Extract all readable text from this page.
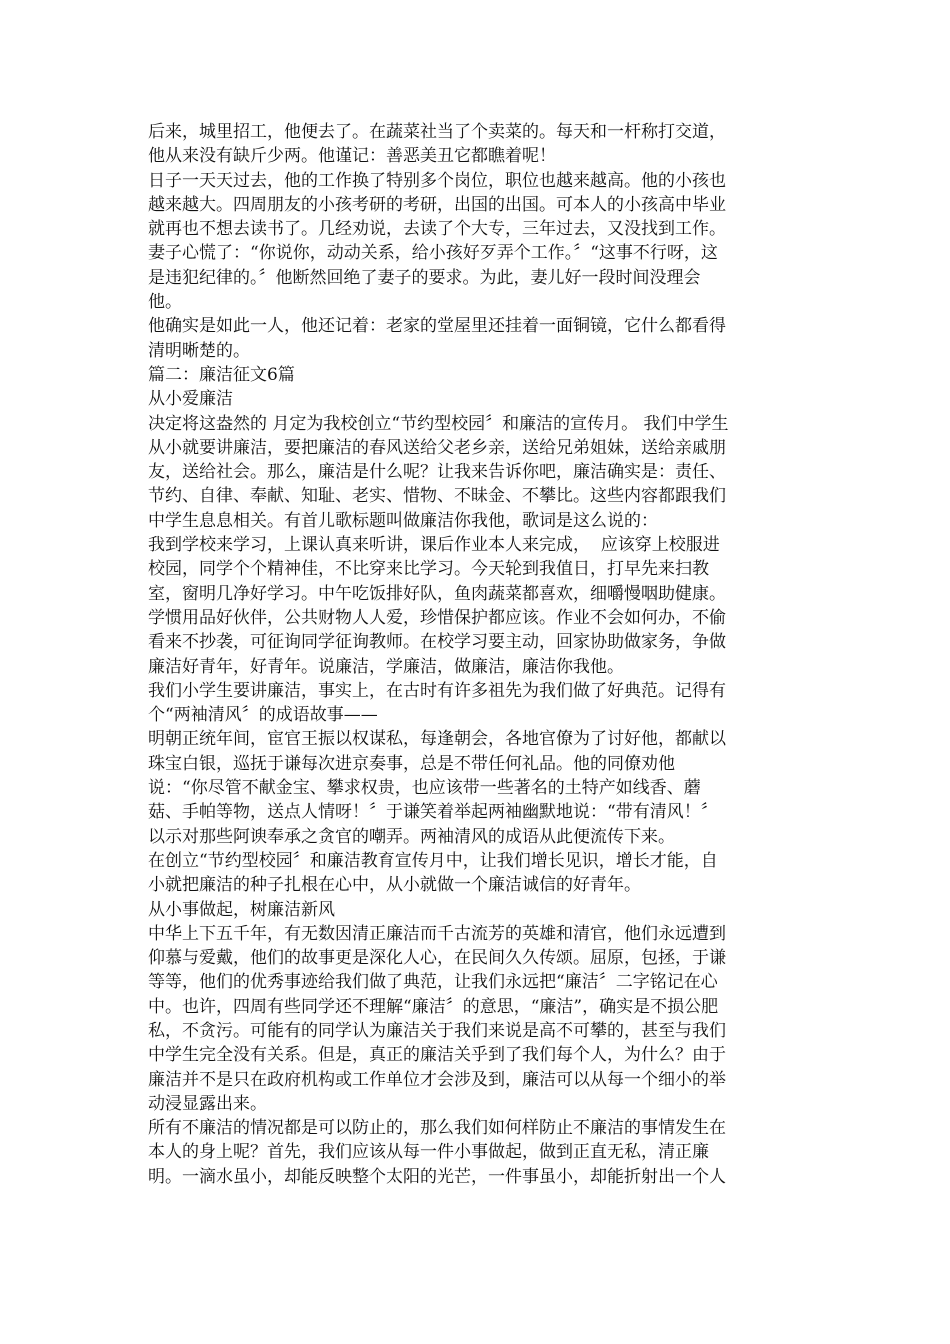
后来，城里招工，他便去了。在蔬菜社当了个卖菜的。每天和一杆称打交道，
他从来没有缺斤少两。他谨记：善恶美丑它都瞧着呢！
日子一天天过去，他的工作换了特别多个岗位，职位也越来越高。他的小孩也
越来越大。四周朋友的小孩考研的考研，出国的出国。可本人的小孩高中毕业
就再也不想去读书了。几经劝说，去读了个大专，三年过去，又没找到工作。
妻子心慌了：“你说你，动动关系，给小孩好歹弄个工作。〞“这事不行呀，这
是违犯纪律的。〞他断然回绝了妻子的要求。为此，妻儿好一段时间没理会
他。
他确实是如此一人，他还记着：老家的堂屋里还挂着一面铜镜，它什么都看得
清明晰楚的。
篇二：廉洁征文6篇
从小爱廉洁
决定将这盎然的 月定为我校创立“节约型校园〞和廉洁的宣传月。 我们中学生
从小就要讲廉洁，要把廉洁的春风送给父老乡亲，送给兄弟姐妹，送给亲戚朋
友，送给社会。那么，廉洁是什么呢？让我来告诉你吧，廉洁确实是：责任、
节约、自律、奉献、知耻、老实、惜物、不昧金、不攀比。这些内容都跟我们
中学生息息相关。有首儿歌标题叫做廉洁你我他，歌词是这么说的：
我到学校来学习，上课认真来听讲，课后作业本人来完成，  应该穿上校服进
校园，同学个个精神佳，不比穿来比学习。今天轮到我值日，打早先来扫教
室，窗明几净好学习。中午吃饭排好队，鱼肉蔬菜都喜欢，细嚼慢咽助健康。
学惯用品好伙伴，公共财物人人爱，珍惜保护都应该。作业不会如何办，不偷
看来不抄袭，可征询同学征询教师。在校学习要主动，回家协助做家务，争做
廉洁好青年，好青年。说廉洁，学廉洁，做廉洁，廉洁你我他。
我们小学生要讲廉洁，事实上，在古时有许多祖先为我们做了好典范。记得有
个“两袖清风〞的成语故事——
明朝正统年间，宦官王振以权谋私，每逢朝会，各地官僚为了讨好他，都献以
珠宝白银，巡抚于谦每次进京奏事，总是不带任何礼品。他的同僚劝他
说：“你尽管不献金宝、攀求权贵，也应该带一些著名的土特产如线香、蘑
菇、手帕等物，送点人情呀！〞于谦笑着举起两袖幽默地说：“带有清风！〞
以示对那些阿谀奉承之贪官的嘲弄。两袖清风的成语从此便流传下来。
在创立“节约型校园〞和廉洁教育宣传月中，让我们增长见识，增长才能，自
小就把廉洁的种子扎根在心中，从小就做一个廉洁诚信的好青年。
从小事做起，树廉洁新风
中华上下五千年，有无数因清正廉洁而千古流芳的英雄和清官，他们永远遭到
仰慕与爱戴，他们的故事更是深化人心，在民间久久传颂。屈原，包拯，于谦
等等，他们的优秀事迹给我们做了典范，让我们永远把“廉洁〞二字铭记在心
中。也许，四周有些同学还不理解“廉洁〞的意思，“廉洁”，确实是不损公肥
私，不贪污。可能有的同学认为廉洁关于我们来说是高不可攀的，甚至与我们
中学生完全没有关系。但是，真正的廉洁关乎到了我们每个人，为什么？由于
廉洁并不是只在政府机构或工作单位才会涉及到，廉洁可以从每一个细小的举
动浸显露出来。
所有不廉洁的情况都是可以防止的，那么我们如何样防止不廉洁的事情发生在
本人的身上呢？首先，我们应该从每一件小事做起，做到正直无私，清正廉
明。一滴水虽小，却能反映整个太阳的光芒，一件事虽小，却能折射出一个人
